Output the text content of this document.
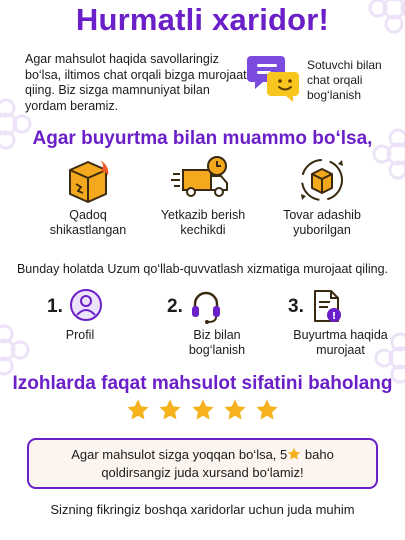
Hurmatli xaridor!
Agar mahsulot haqida savollaringiz bo‘lsa, iltimos chat orqali bizga murojaat qiing. Biz sizga mamnuniyat bilan yordam beramiz.
Sotuvchi bilan
chat orqali
bog‘lanish
Agar buyurtma bilan muammo bo‘lsa,
Qadoq
shikastlangan
Yetkazib berish
kechikdi
Tovar adashib
yuborilgan
Bunday holatda Uzum qo‘llab-quvvatlash xizmatiga murojaat qiling.
1.
Profil
2.
Biz bilan
bog‘lanish
3.	!
Buyurtma haqida
murojaat
Izohlarda faqat mahsulot sifatini baholang

Agar mahsulot sizga yoqqan bo‘lsa, 5 baho
qoldirsangiz juda xursand bo‘lamiz!
Sizning fikringiz boshqa xaridorlar uchun juda muhim
